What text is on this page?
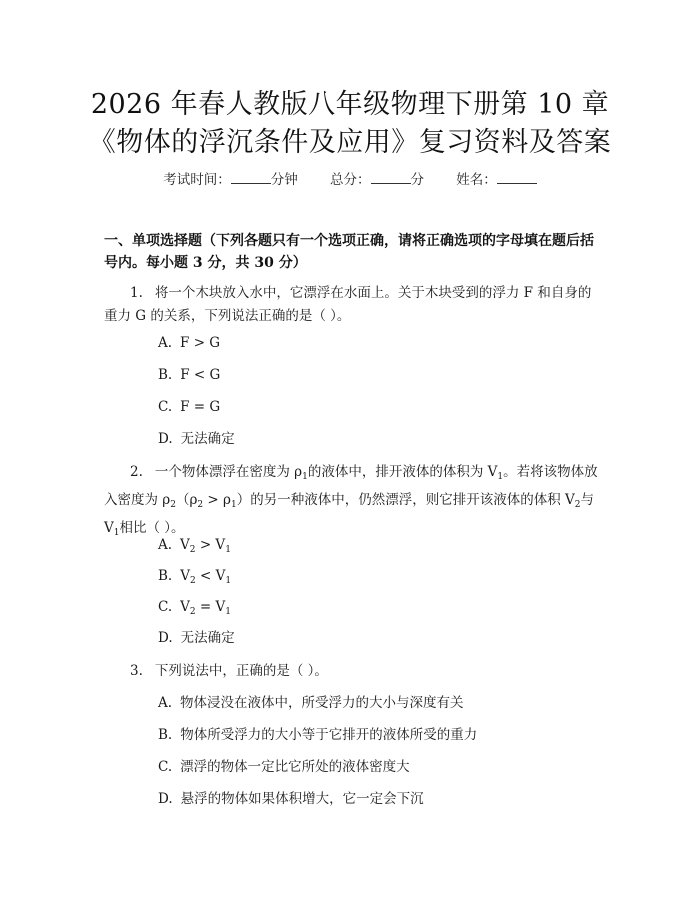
2026 年春人教版八年级物理下册第 10 章
《物体的浮沉条件及应用》复习资料及答案
考试时间：	分钟 总分：	分 姓名：
一、单项选择题（下列各题只有一个选项正确，请将正确选项的字母填在题后括号内。每小题 3 分，共 30 分）
1. 将一个木块放入水中，它漂浮在水面上。关于木块受到的浮力 F 和自身的重力 G 的关系，下列说法正确的是（ ）。
A. F > G
B. F < G
C. F = G
D. 无法确定
2. 一个物体漂浮在密度为 $\rho_1$的液体中，排开液体的体积为 $V_1$。若将该物体放入密度为 $\rho_2(\rho_2 > \rho_1)$的另一种液体中，仍然漂浮，则它排开该液体的体积 $V_2$与 $V_1$相比（ ）。
A. $V_2 > V_1$
B. $V_2 < V_1$
C. $V_2 = V_1$
D. 无法确定
3. 下列说法中，正确的是（ ）。
A. 物体浸没在液体中，所受浮力的大小与深度有关
B. 物体所受浮力的大小等于它排开的液体所受的重力
C. 漂浮的物体一定比它所处的液体密度大
D. 悬浮的物体如果体积增大，它一定会下沉
